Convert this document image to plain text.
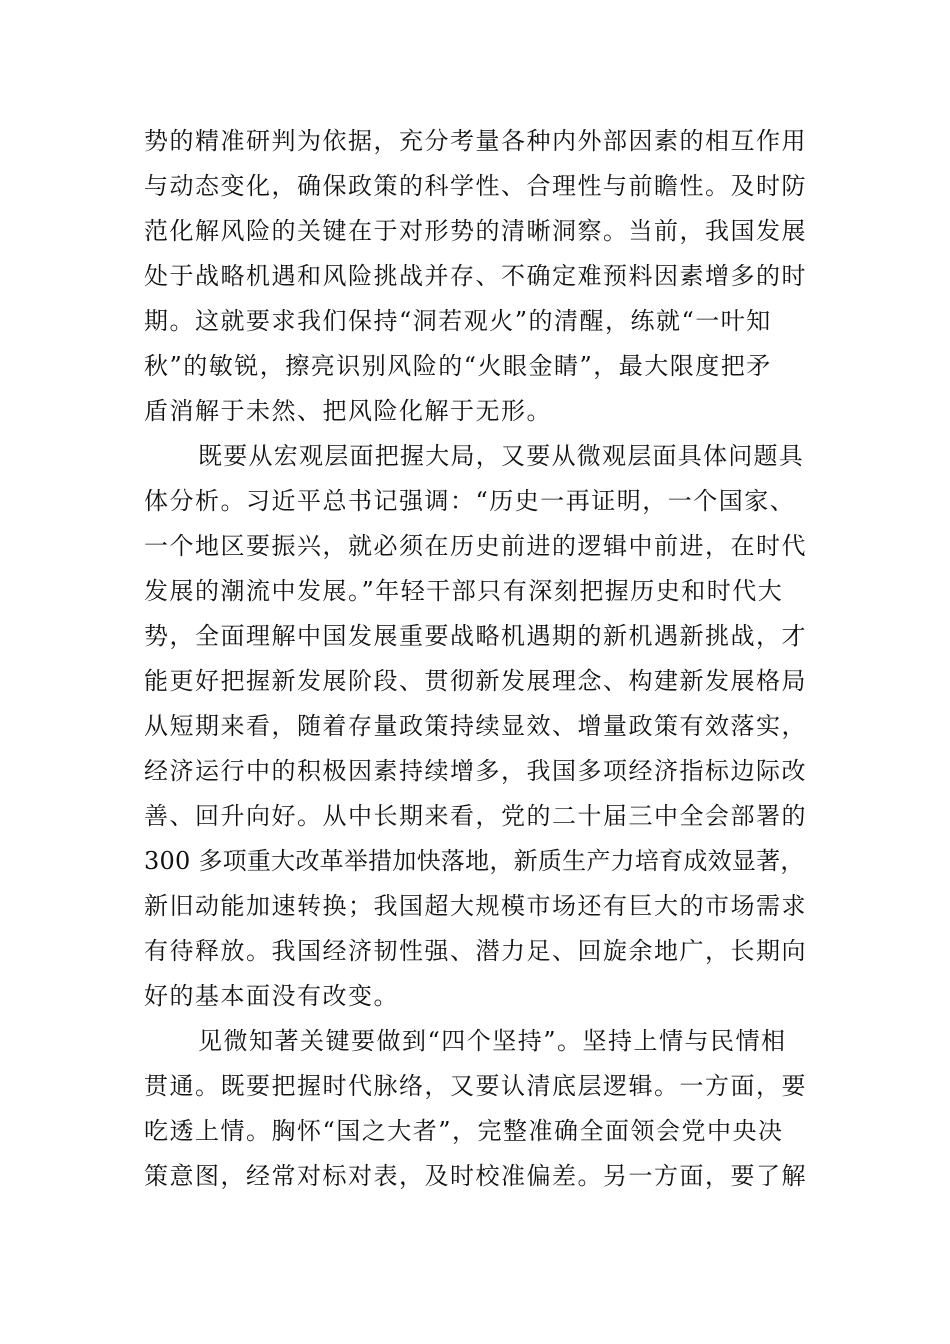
势的精准研判为依据，充分考量各种内外部因素的相互作用
与动态变化，确保政策的科学性、合理性与前瞻性。及时防
范化解风险的关键在于对形势的清晰洞察。当前，我国发展
处于战略机遇和风险挑战并存、不确定难预料因素增多的时
期。这就要求我们保持“洞若观火”的清醒，练就“一叶知
秋”的敏锐，擦亮识别风险的“火眼金睛”，最大限度把矛
盾消解于未然、把风险化解于无形。
既要从宏观层面把握大局，又要从微观层面具体问题具
体分析。习近平总书记强调：“历史一再证明，一个国家、
一个地区要振兴，就必须在历史前进的逻辑中前进，在时代
发展的潮流中发展。”年轻干部只有深刻把握历史和时代大
势，全面理解中国发展重要战略机遇期的新机遇新挑战，才
能更好把握新发展阶段、贯彻新发展理念、构建新发展格局
从短期来看，随着存量政策持续显效、增量政策有效落实，
经济运行中的积极因素持续增多，我国多项经济指标边际改
善、回升向好。从中长期来看，党的二十届三中全会部署的
300 多项重大改革举措加快落地，新质生产力培育成效显著，
新旧动能加速转换；我国超大规模市场还有巨大的市场需求
有待释放。我国经济韧性强、潜力足、回旋余地广，长期向
好的基本面没有改变。
见微知著关键要做到“四个坚持”。坚持上情与民情相
贯通。既要把握时代脉络，又要认清底层逻辑。一方面，要
吃透上情。胸怀“国之大者”，完整准确全面领会党中央决
策意图，经常对标对表，及时校准偏差。另一方面，要了解
